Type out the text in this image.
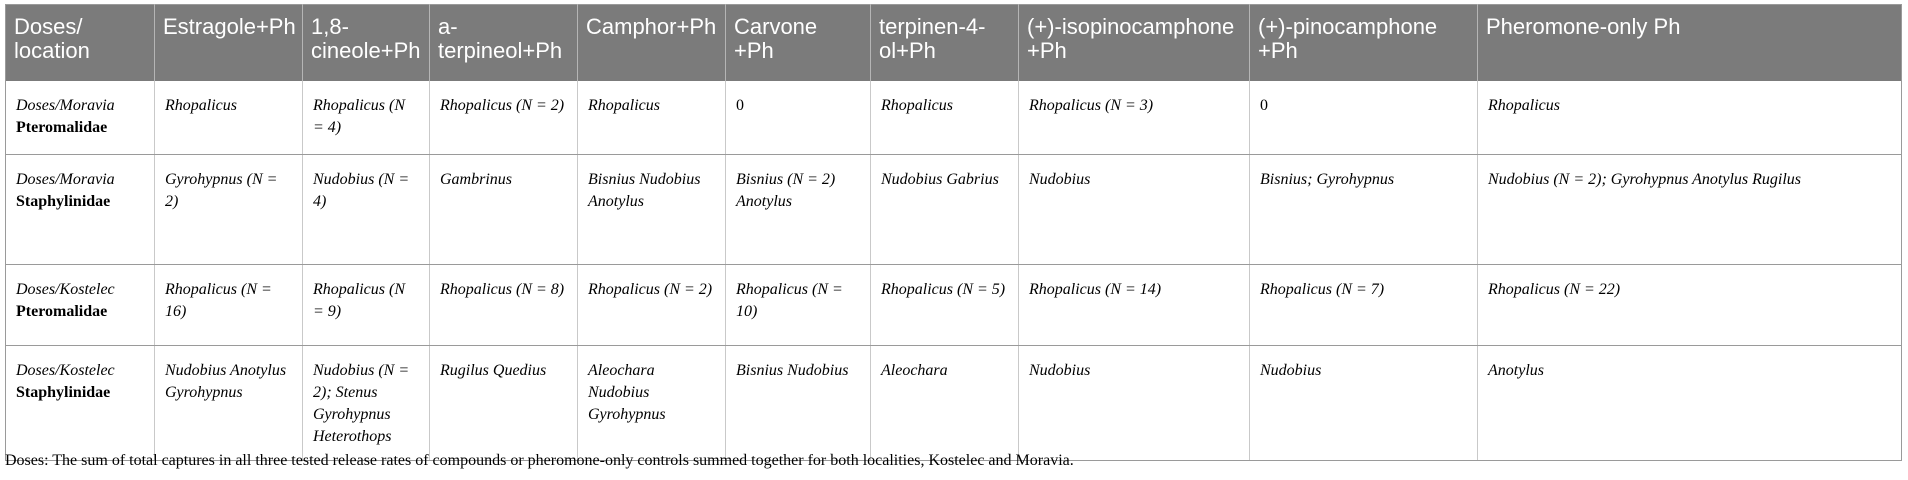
Doses/ location	Estragole+Ph	1,8-cineole+Ph	a-terpineol+Ph	Camphor+Ph	Carvone +Ph	terpinen-4-ol+Ph	(+)-isopinocamphone +Ph	(+)-pinocamphone +Ph	Pheromone-only Ph

Doses/Moravia
Pteromalidae	Rhopalicus	Rhopalicus (N = 4)	Rhopalicus (N = 2)	Rhopalicus	0	Rhopalicus	Rhopalicus (N = 3)	0	Rhopalicus

Doses/Moravia
Staphylinidae	Gyrohypnus (N = 2)	Nudobius (N = 4)	Gambrinus	Bisnius Nudobius Anotylus	Bisnius (N = 2) Anotylus	Nudobius Gabrius	Nudobius	Bisnius; Gyrohypnus	Nudobius (N = 2); Gyrohypnus Anotylus Rugilus

Doses/Kostelec
Pteromalidae	Rhopalicus (N = 16)	Rhopalicus (N = 9)	Rhopalicus (N = 8)	Rhopalicus (N = 2)	Rhopalicus (N = 10)	Rhopalicus (N = 5)	Rhopalicus (N = 14)	Rhopalicus (N = 7)	Rhopalicus (N = 22)

Doses/Kostelec
Staphylinidae	Nudobius Anotylus Gyrohypnus	Nudobius (N = 2); Stenus Gyrohypnus Heterothops	Rugilus Quedius	Aleochara Nudobius Gyrohypnus	Bisnius Nudobius	Aleochara	Nudobius	Nudobius	Anotylus
Doses: The sum of total captures in all three tested release rates of compounds or pheromone-only controls summed together for both localities, Kostelec and Moravia.
